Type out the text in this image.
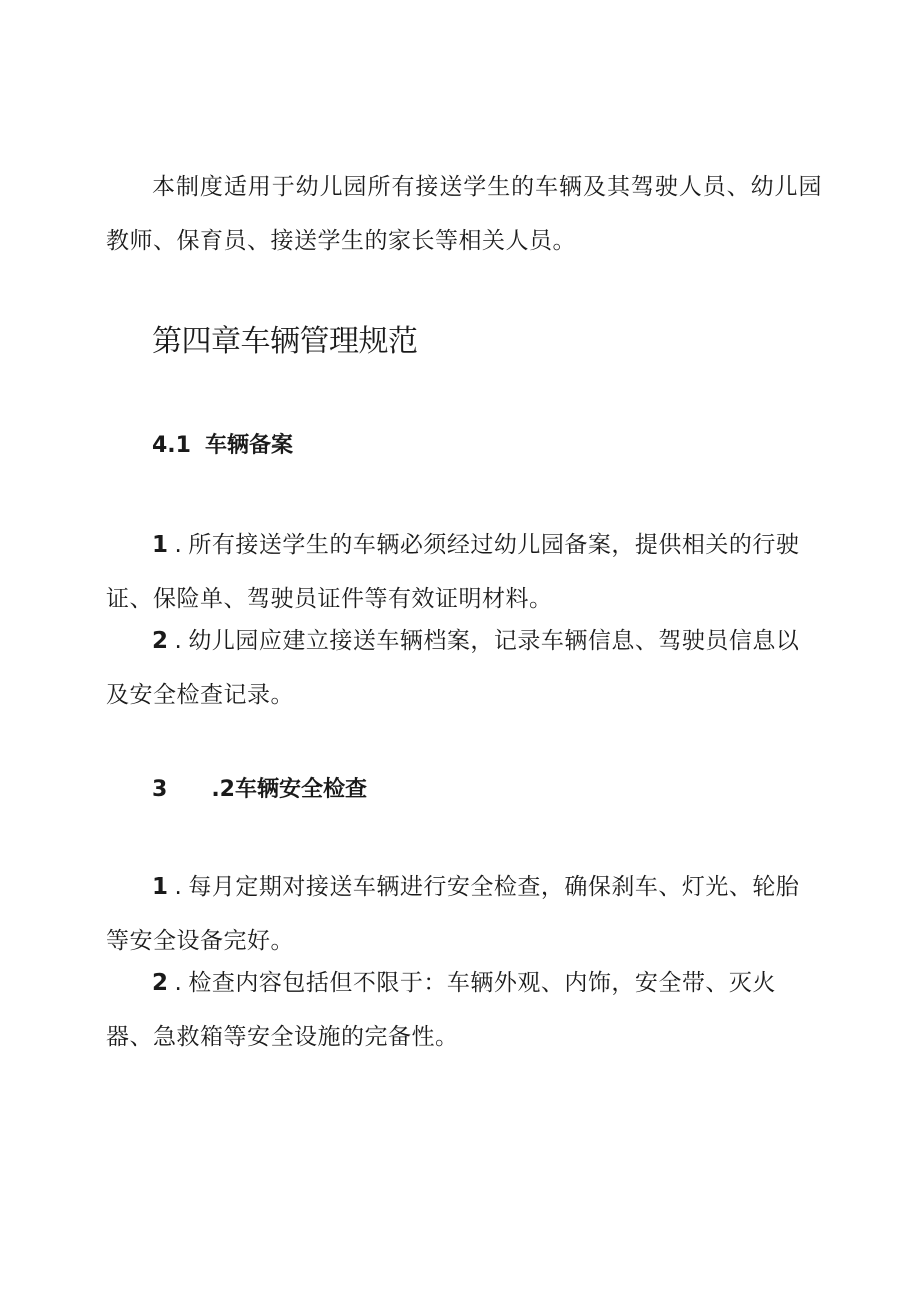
本制度适用于幼儿园所有接送学生的车辆及其驾驶人员、幼儿园教师、保育员、接送学生的家长等相关人员。

第四章车辆管理规范
4.1 车辆备案

1 . 所有接送学生的车辆必须经过幼儿园备案，提供相关的行驶证、保险单、驾驶员证件等有效证明材料。

2 . 幼儿园应建立接送车辆档案，记录车辆信息、驾驶员信息以及安全检查记录。

3 .2车辆安全检查

1 . 每月定期对接送车辆进行安全检查，确保刹车、灯光、轮胎等安全设备完好。

2 . 检查内容包括但不限于：车辆外观、内饰，安全带、灭火器、急救箱等安全设施的完备性。
